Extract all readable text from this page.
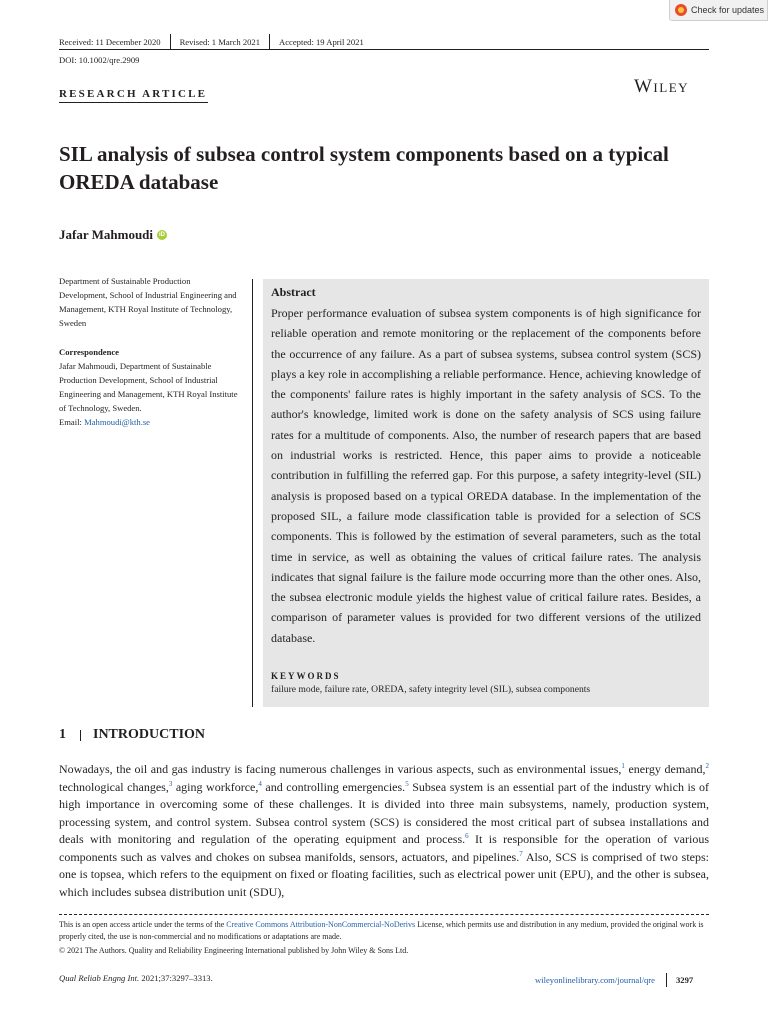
Check for updates
Received: 11 December 2020 Revised: 1 March 2021 Accepted: 19 April 2021
DOI: 10.1002/qre.2909
Wiley
RESEARCH ARTICLE
SIL analysis of subsea control system components based on a typical OREDA database
Jafar Mahmoudi	iD

Department of Sustainable Production Development, School of Industrial Engineering and Management, KTH Royal Institute of Technology, Sweden

Correspondence

Jafar Mahmoudi, Department of Sustainable Production Development, School of Industrial Engineering and Management, KTH Royal Institute of Technology, Sweden.

Email: Mahmoudi@kth.se

Abstract

Proper performance evaluation of subsea system components is of high significance for reliable operation and remote monitoring or the replacement of the components before the occurrence of any failure. As a part of subsea systems, subsea control system (SCS) plays a key role in accomplishing a reliable performance. Hence, achieving knowledge of the components' failure rates is highly important in the safety analysis of SCS. To the author's knowledge, limited work is done on the safety analysis of SCS using failure rates for a multitude of components. Also, the number of research papers that are based on industrial works is restricted. Hence, this paper aims to provide a noticeable contribution in fulfilling the referred gap. For this purpose, a safety integrity-level (SIL) analysis is proposed based on a typical OREDA database. In the implementation of the proposed SIL, a failure mode classification table is provided for a selection of SCS components. This is followed by the estimation of several parameters, such as the total time in service, as well as obtaining the values of critical failure rates. The analysis indicates that signal failure is the failure mode occurring more than the other ones. Also, the subsea electronic module yields the highest value of critical failure rates. Besides, a comparison of parameter values is provided for two different versions of the utilized database.

KEYWORDS
failure mode, failure rate, OREDA, safety integrity level (SIL), subsea components
1 INTRODUCTION

Nowadays, the oil and gas industry is facing numerous challenges in various aspects, such as environmental issues,$^1$ energy demand,$^2$ technological changes,$^3$ aging workforce,$^4$ and controlling emergencies.$^5$ Subsea system is an essential part of the industry which is of high importance in overcoming some of these challenges. It is divided into three main subsystems, namely, production system, processing system, and control system. Subsea control system (SCS) is considered the most critical part of subsea installations and deals with monitoring and regulation of the operating equipment and process.$^6$ It is responsible for the operation of various components such as valves and chokes on subsea manifolds, sensors, actuators, and pipelines.$^7$ Also, SCS is comprised of two steps: one is topsea, which refers to the equipment on fixed or floating facilities, such as electrical power unit (EPU), and the other is subsea, which includes subsea distribution unit (SDU),

This is an open access article under the terms of the Creative Commons Attribution-NonCommercial-NoDerivs License, which permits use and distribution in any medium, provided the original work is properly cited, the use is non-commercial and no modifications or adaptations are made.

© 2021 The Authors. Quality and Reliability Engineering International published by John Wiley & Sons Ltd.

Qual Reliab Engng Int. 2021;37:3297–3313.	wileyonlinelibrary.com/journal/qre 3297
